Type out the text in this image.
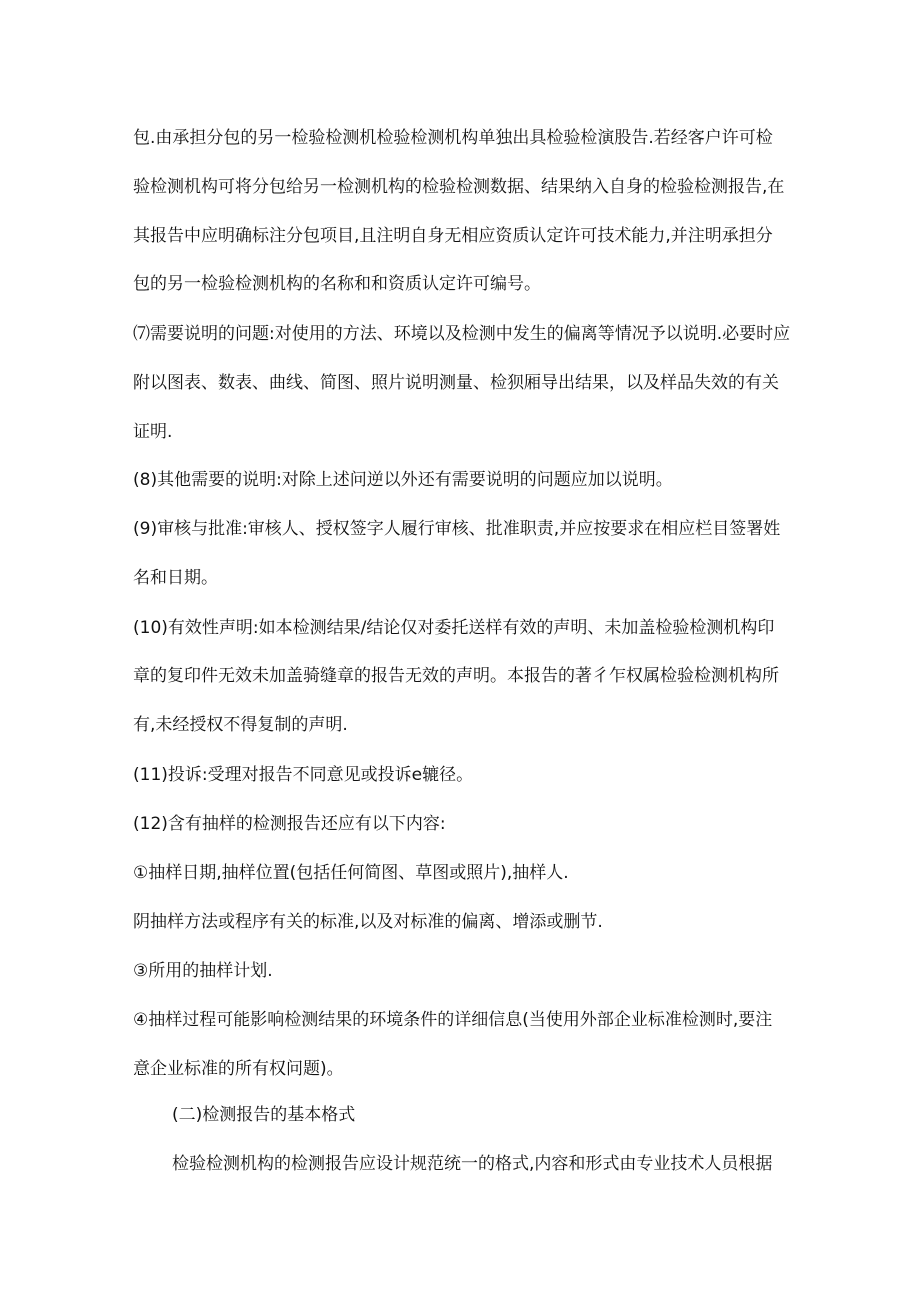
包.由承担分包的另一检验检测机检验检测机构单独出具检验检演股告.若经客户许可检
验检测机构可将分包给另一检测机构的检验检测数据、结果纳入自身的检验检测报告,在
其报告中应明确标注分包项目,且注明自身无相应资质认定许可技术能力,并注明承担分
包的另一检验检测机构的名称和和资质认定许可编号。
⑺需要说明的问题:对使用的方法、环境以及检测中发生的偏离等情况予以说明.必要时应
附以图表、数表、曲线、简图、照片说明测量、检狈厢导出结果，以及样品失效的有关
证明.
(8)其他需要的说明:对除上述问逆以外还有需要说明的问题应加以说明。
(9)审核与批准:审核人、授权签字人履行审核、批准职责,并应按要求在相应栏目签署姓
名和日期。
(10)有效性声明:如本检测结果/结论仅对委托送样有效的声明、未加盖检验检测机构印
章的复印件无效未加盖骑缝章的报告无效的声明。本报告的著彳乍权属检验检测机构所
有,未经授权不得复制的声明.
(11)投诉:受理对报告不同意见或投诉e辘径。
(12)含有抽样的检测报告还应有以下内容:
①抽样日期,抽样位置(包括任何简图、草图或照片),抽样人.
阴抽样方法或程序有关的标准,以及对标准的偏离、增添或删节.
③所用的抽样计划.
④抽样过程可能影响检测结果的环境条件的详细信息(当使用外部企业标准检测时,要注
意企业标准的所有权问题)。
(二)检测报告的基本格式
检验检测机构的检测报告应设计规范统一的格式,内容和形式由专业技术人员根据
